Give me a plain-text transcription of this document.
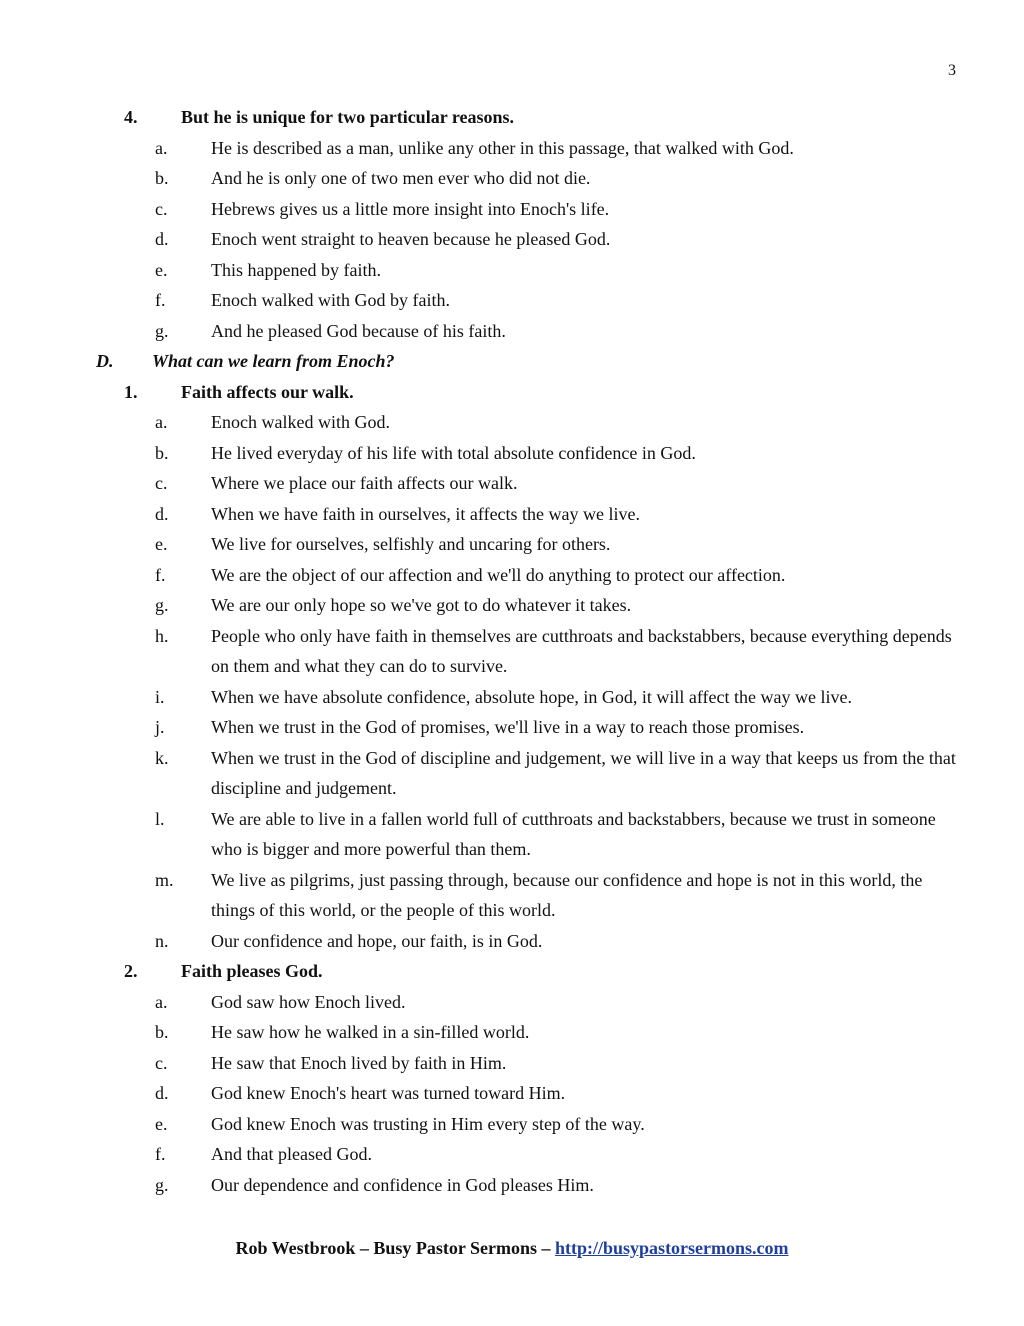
3
4.	But he is unique for two particular reasons.
a.	He is described as a man, unlike any other in this passage, that walked with God.
b.	And he is only one of two men ever who did not die.
c.	Hebrews gives us a little more insight into Enoch's life.
d.	Enoch went straight to heaven because he pleased God.
e.	This happened by faith.
f.	Enoch walked with God by faith.
g.	And he pleased God because of his faith.
D.	What can we learn from Enoch?
1.	Faith affects our walk.
a.	Enoch walked with God.
b.	He lived everyday of his life with total absolute confidence in God.
c.	Where we place our faith affects our walk.
d.	When we have faith in ourselves, it affects the way we live.
e.	We live for ourselves, selfishly and uncaring for others.
f.	We are the object of our affection and we'll do anything to protect our affection.
g.	We are our only hope so we've got to do whatever it takes.
h.	People who only have faith in themselves are cutthroats and backstabbers, because everything depends on them and what they can do to survive.
i.	When we have absolute confidence, absolute hope, in God, it will affect the way we live.
j.	When we trust in the God of promises, we'll live in a way to reach those promises.
k.	When we trust in the God of discipline and judgement, we will live in a way that keeps us from the that discipline and judgement.
l.	We are able to live in a fallen world full of cutthroats and backstabbers, because we trust in someone who is bigger and more powerful than them.
m.	We live as pilgrims, just passing through, because our confidence and hope is not in this world, the things of this world, or the people of this world.
n.	Our confidence and hope, our faith, is in God.
2.	Faith pleases God.
a.	God saw how Enoch lived.
b.	He saw how he walked in a sin-filled world.
c.	He saw that Enoch lived by faith in Him.
d.	God knew Enoch's heart was turned toward Him.
e.	God knew Enoch was trusting in Him every step of the way.
f.	And that pleased God.
g.	Our dependence and confidence in God pleases Him.
Rob Westbrook – Busy Pastor Sermons – http://busypastorsermons.com
